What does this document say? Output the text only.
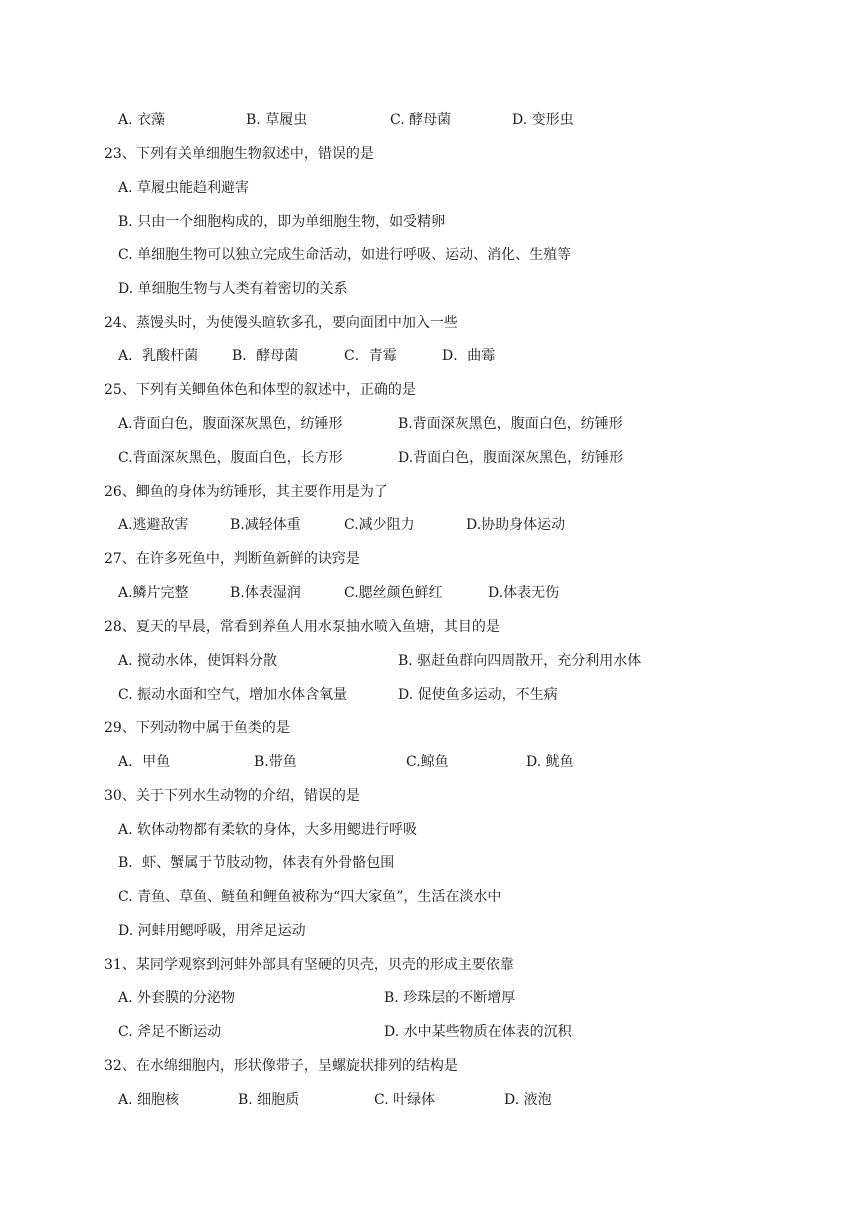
A. 衣藻	B. 草履虫	C. 酵母菌	D. 变形虫
23、下列有关单细胞生物叙述中，错误的是
A. 草履虫能趋利避害
B. 只由一个细胞构成的，即为单细胞生物，如受精卵
C. 单细胞生物可以独立完成生命活动，如进行呼吸、运动、消化、生殖等
D. 单细胞生物与人类有着密切的关系
24、蒸馒头时，为使馒头暄软多孔，要向面团中加入一些
A．乳酸杆菌 B．酵母菌	C．青霉	D．曲霉
25、下列有关鲫鱼体色和体型的叙述中，正确的是
A.背面白色，腹面深灰黑色，纺锤形	B.背面深灰黑色，腹面白色，纺锤形
C.背面深灰黑色，腹面白色，长方形	D.背面白色，腹面深灰黑色，纺锤形
26、鲫鱼的身体为纺锤形，其主要作用是为了
A.逃避敌害	B.减轻体重	C.减少阻力	D.协助身体运动
27、在许多死鱼中，判断鱼新鲜的诀窍是
A.鳞片完整	B.体表湿润	C.腮丝颜色鲜红	D.体表无伤
28、夏天的早晨，常看到养鱼人用水泵抽水喷入鱼塘，其目的是
A. 搅动水体，使饵料分散	B. 驱赶鱼群向四周散开，充分利用水体
C. 振动水面和空气，增加水体含氧量	D. 促使鱼多运动，不生病
29、下列动物中属于鱼类的是
A．甲鱼	B.带鱼	C.鲸鱼	D. 鱿鱼
30、关于下列水生动物的介绍，错误的是
A. 软体动物都有柔软的身体，大多用鳃进行呼吸
B．虾、蟹属于节肢动物，体表有外骨骼包围
C. 青鱼、草鱼、鲢鱼和鲤鱼被称为“四大家鱼”，生活在淡水中
D. 河蚌用鳃呼吸，用斧足运动
31、某同学观察到河蚌外部具有坚硬的贝壳，贝壳的形成主要依靠
A. 外套膜的分泌物	B. 珍珠层的不断增厚
C. 斧足不断运动	D. 水中某些物质在体表的沉积
32、在水绵细胞内，形状像带子，呈螺旋状排列的结构是
A. 细胞核	B. 细胞质	C. 叶绿体	D. 液泡
